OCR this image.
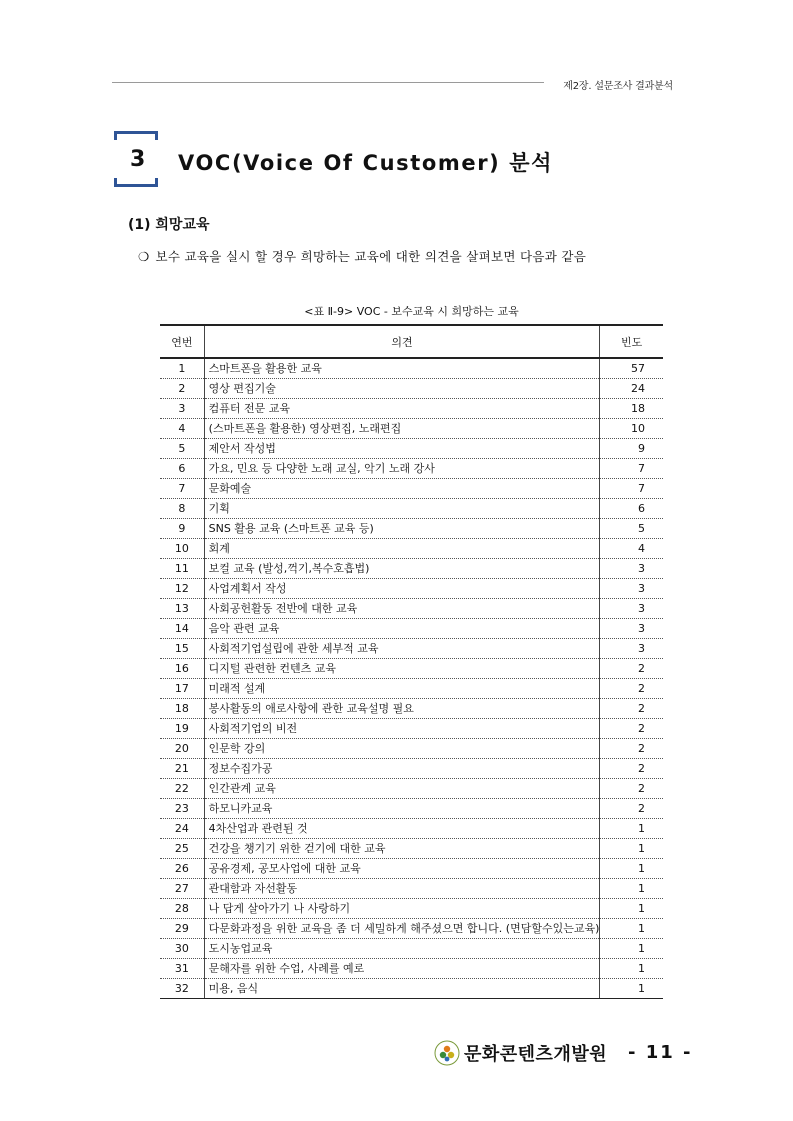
제2장. 설문조사 결과분석
3 VOC(Voice Of Customer) 분석
(1) 희망교육
❍ 보수 교육을 실시 할 경우 희망하는 교육에 대한 의견을 살펴보면 다음과 같음
<표 Ⅱ-9> VOC - 보수교육 시 희망하는 교육
연번	의견	빈도
1	스마트폰을 활용한 교육	57
2	영상 편집기술	24
3	컴퓨터 전문 교육	18
4	(스마트폰을 활용한) 영상편집, 노래편집	10
5	제안서 작성법	9
6	가요, 민요 등 다양한 노래 교실, 악기 노래 강사	7
7	문화예술	7
8	기획	6
9	SNS 활용 교육 (스마트폰 교육 등)	5
10	회계	4
11	보컬 교육 (발성,꺽기,복수호흡법)	3
12	사업계획서 작성	3
13	사회공헌활동 전반에 대한 교육	3
14	음악 관련 교육	3
15	사회적기업설립에 관한 세부적 교육	3
16	디지털 관련한 컨텐츠 교육	2
17	미래적 설계	2
18	봉사활동의 애로사항에 관한 교육설명 필요	2
19	사회적기업의 비전	2
20	인문학 강의	2
21	정보수집가공	2
22	인간관계 교육	2
23	하모니카교육	2
24	4차산업과 관련된 것	1
25	건강을 챙기기 위한 걷기에 대한 교육	1
26	공유경제, 공모사업에 대한 교육	1
27	관대함과 자선활동	1
28	나 답게 살아가기 나 사랑하기	1
29	다문화과정을 위한 교육을 좀 더 세밀하게 해주셨으면 합니다. (면담할수있는교육)	1
30	도시농업교육	1
31	문해자를 위한 수업, 사례를 예로	1
32	미용, 음식	1
문화콘텐츠개발원 - 11 -
